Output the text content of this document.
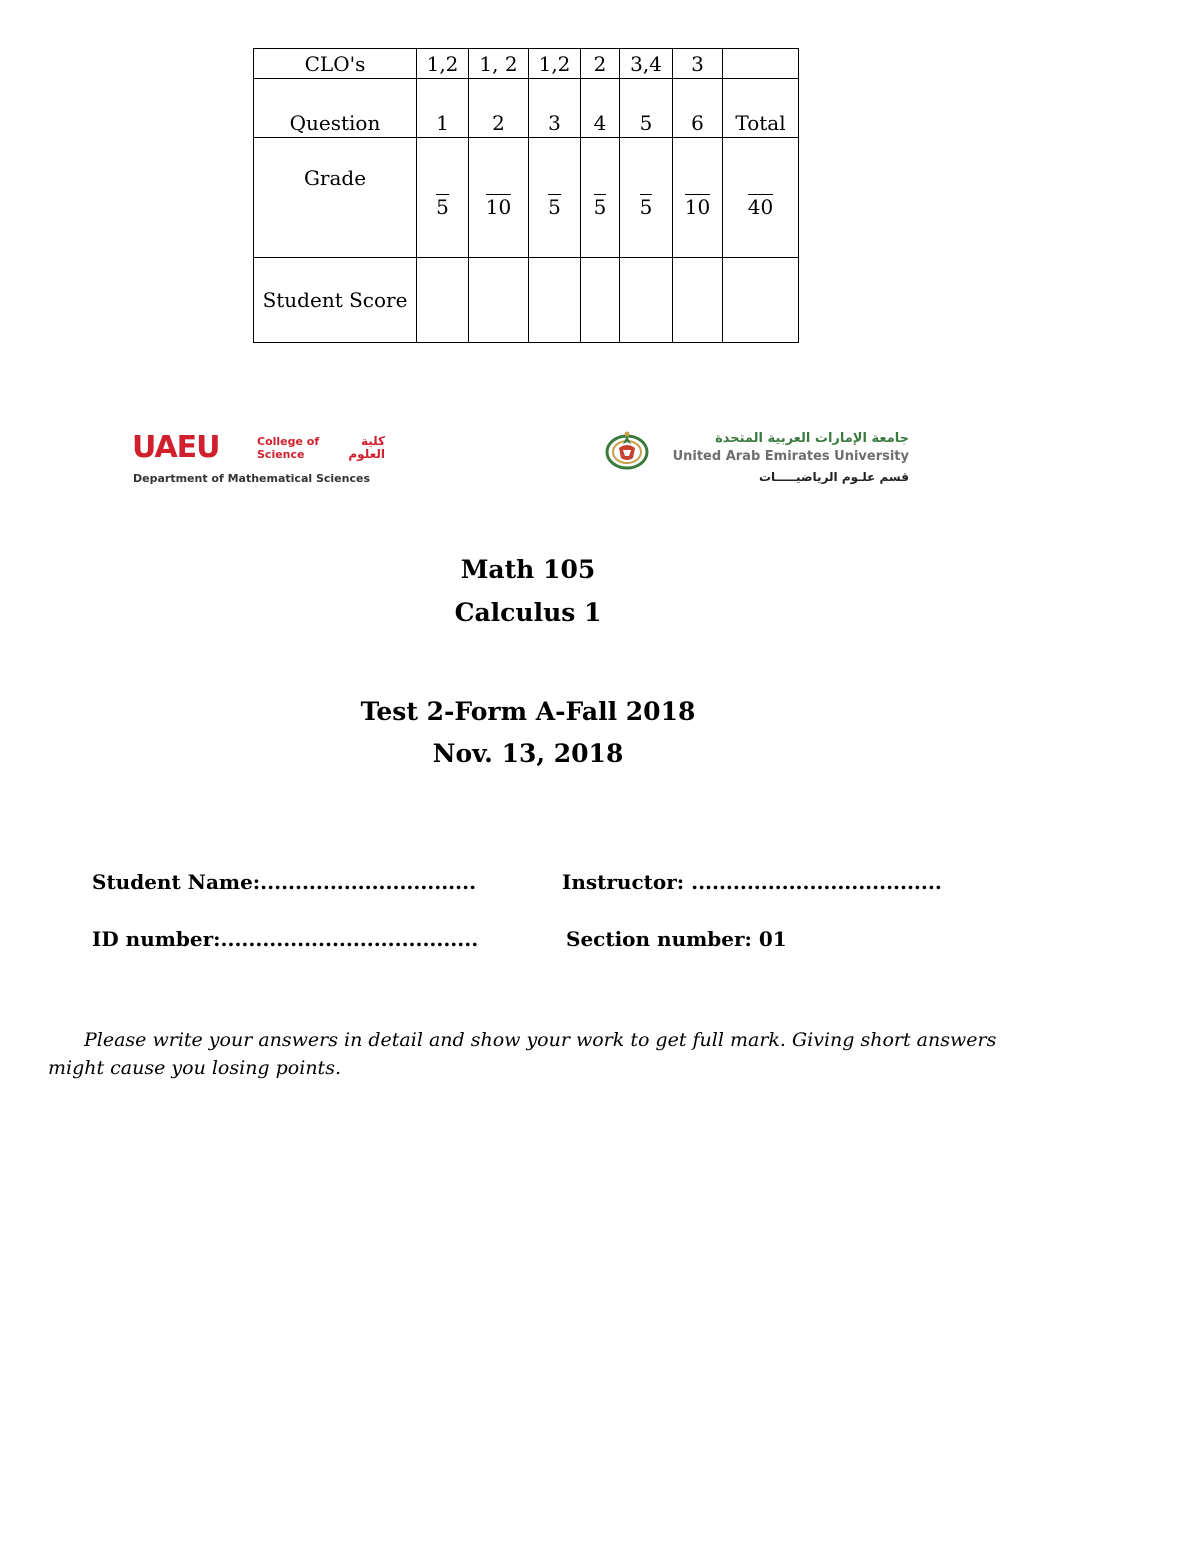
CLO's	1,2	1, 2	1,2	2	3,4	3	
Question	1	2	3	4	5	6	Total
Grade	5	10	5	5	5	10	40
Student Score							
UAEU	College of
Science
كلية
العلوم
Department of Mathematical Sciences
جامعة الإمارات العربية المتحدة
United Arab Emirates University
قسم علـوم الرياضيـــــات
Math 105
Calculus 1
Test 2-Form A-Fall 2018
Nov. 13, 2018
Student Name:...............................	Instructor: ....................................
ID number:.....................................	Section number: 01
Please write your answers in detail and show your work to get full mark. Giving short answers might cause you losing points.
